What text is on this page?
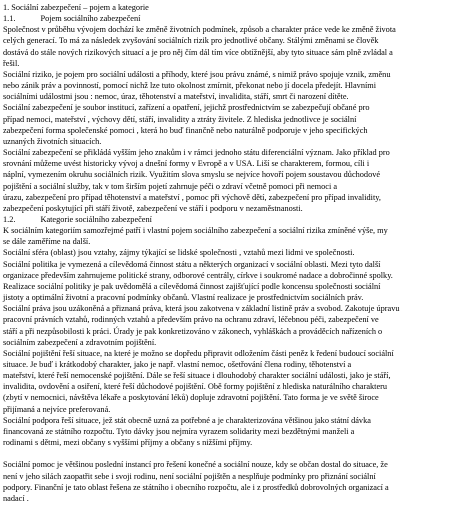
1. Sociální zabezpečení – pojem a kategorie
1.1.	Pojem sociálního zabezpečení
Společnost v průběhu vývojem dochází ke změně životních podmínek, způsob a charakter práce vede ke změně života
celých generací. To má za následek zvyšování sociálních rizik pro jednotlivé občany. Stálými změnami se člověk
dostává do stále nových rizikových situací a je pro něj čím dál tím více obtížnější, aby tyto situace sám plně zvládal a
řešil.
Sociální riziko, je pojem pro sociální události a příhody, které jsou právu známé, s nimiž právo spojuje vznik, změnu
nebo zánik práv a povinností, pomocí nichž lze tuto okolnost zmírnit, překonat nebo jí docela předejít. Hlavními
sociálními událostmi jsou : nemoc, úraz, těhotenství a mateřství, invalidita, stáří, smrt či narození dítěte.
Sociální zabezpečení je soubor institucí, zařízení a opatření, jejichž prostřednictvím se zabezpečují občané pro
případ nemoci, mateřství , výchovy dětí, stáří, invalidity a ztráty živitele. Z hlediska jednotlivce je sociální
zabezpečení forma společenské pomoci , která ho buď finančně nebo naturálně podporuje v jeho specifických
uznaných životních situacích.
Sociální zabezpečení se přikládá vyšším jeho znakům i v rámci jednoho státu diferenciální význam. Jako příklad pro
srovnání můžeme uvést historicky vývoj a dnešní formy v Evropě a v USA. Liší se charakterem, formou, cíli i
náplní, vymezením okruhu sociálních rizik. Využitím slova smyslu se nejvíce hovoří pojem soustavou důchodové
pojištění a sociální služby, tak v tom širším pojetí zahrnuje péči o zdraví včetně pomoci při nemoci a
úrazu, zabezpečení pro případ těhotenství a mateřství , pomoc při výchově dětí, zabezpečení pro případ invalidity,
zabezpečení poskytující při stáří životě, zabezpečení ve stáří i podporu v nezaměstnanosti.
1.2.	Kategorie sociálního zabezpečení
K sociálním kategoriím samozřejmé patří i vlastní pojem sociálního zabezpečení a sociální rizika zmíněné výše, my
se dále zaměříme na další.
Sociální sféra (oblast) jsou vztahy, zájmy týkající se lidské společnosti , vztahů mezi lidmi ve společnosti.
Sociální politika je vymezená a cílevědomá činnost státu a některých organizací v sociální oblasti. Mezi tyto další
organizace především zahrnujeme politické strany, odborové centrály, církve i soukromé nadace a dobročinné spolky.
Realizace sociální politiky je pak uvědomělá a cílevědomá činnost zajišťující podle koncensu společnosti sociální
jistoty a optimální životní a pracovní podmínky občanů. Vlastní realizace je prostřednictvím sociálních práv.
Sociální práva jsou uzákoněná a přiznaná práva, která jsou zakotvena v základní listině práv a svobod. Zakotuje úpravu
pracovní právních vztahů, rodinných vztahů a především právo na ochranu zdraví, léčebnou péči, zabezpečení ve
stáří a při nezpůsobilosti k práci. Úrady je pak konkretizováno v zákonech, vyhláškách a prováděcích nařízeních o
sociálním zabezpečení a zdravotním pojištění.
Sociální pojištění řeší situace, na které je možno se dopředu připravit odložením části peněz k ředení budoucí sociální
situace. Je buď i krátkodobý charakter, jako je např. vlastní nemoc, ošetřování člena rodiny, těhotenství a
mateřství, které řeší nemocenské pojištění. Dále se řeší situace i dlouhodobý charakter sociální události, jako je stáří,
invalidita, ovdovění a osiření, které řeší důchodové pojištění. Obě formy pojištění z hlediska naturálního charakteru
(zbytí v nemocnici, návštěva lékaře a poskytování léků) dopluje zdravotní pojištění. Tato forma je ve světě široce
přijímaná a nejvíce preferovaná.
Sociální podpora řeší situace, jež stát obecně uzná za potřebné a je charakterizována většinou jako státní dávka
financovaná ze státního rozpočtu. Tyto dávky jsou nejmíra vyrazem solidarity mezi bezdětnými manželi a
rodinami s dětmi, mezi občany s vyššími příjmy a občany s nižšími příjmy.
Sociální pomoc je většinou poslední instancí pro řešení konečné a sociální nouze, kdy se občan dostal do situace, že
není v jeho silách zaopatřit sebe i svoji rodinu, není sociální pojištěn a nesplňuje podmínky pro přiznání sociální
podpory. Finanční je tato oblast řešena ze státního i obecního rozpočtu, ale i z prostředků dobrovolných organizací a
nadací .
